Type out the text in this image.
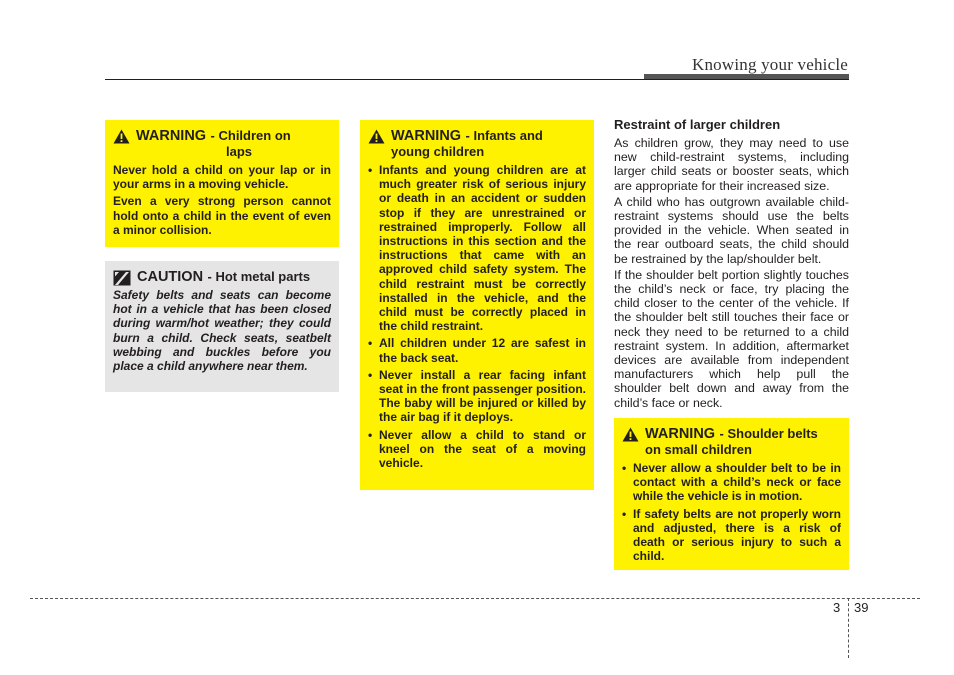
Knowing your vehicle
WARNING - Children on
laps

Never hold a child on your lap or in your arms in a moving vehicle.

Even a very strong person cannot hold onto a child in the event of even a minor collision.

CAUTION - Hot metal parts

Safety belts and seats can become hot in a vehicle that has been closed during warm/hot weather; they could burn a child. Check seats, seatbelt webbing and buckles before you place a child anywhere near them.

WARNING - Infants and
young children
• Infants and young children are at much greater risk of serious injury or death in an accident or sudden stop if they are unrestrained or restrained improperly. Follow all instructions in this section and the instructions that came with an approved child safety system. The child restraint must be correctly installed in the vehicle, and the child must be correctly placed in the child restraint.
• All children under 12 are safest in the back seat.
• Never install a rear facing infant seat in the front passenger position. The baby will be injured or killed by the air bag if it deploys.
• Never allow a child to stand or kneel on the seat of a moving vehicle.
Restraint of larger children

As children grow, they may need to use new child-restraint systems, including larger child seats or booster seats, which are appropriate for their increased size.

A child who has outgrown available child-restraint systems should use the belts provided in the vehicle. When seated in the rear outboard seats, the child should be restrained by the lap/shoulder belt.

If the shoulder belt portion slightly touches the child’s neck or face, try placing the child closer to the center of the vehicle. If the shoulder belt still touches their face or neck they need to be returned to a child restraint system. In addition, aftermarket devices are available from independent manufacturers which help pull the shoulder belt down and away from the child’s face or neck.

WARNING - Shoulder belts
on small children
• Never allow a shoulder belt to be in contact with a child’s neck or face while the vehicle is in motion.
• If safety belts are not properly worn and adjusted, there is a risk of death or serious injury to such a child.
3 39
